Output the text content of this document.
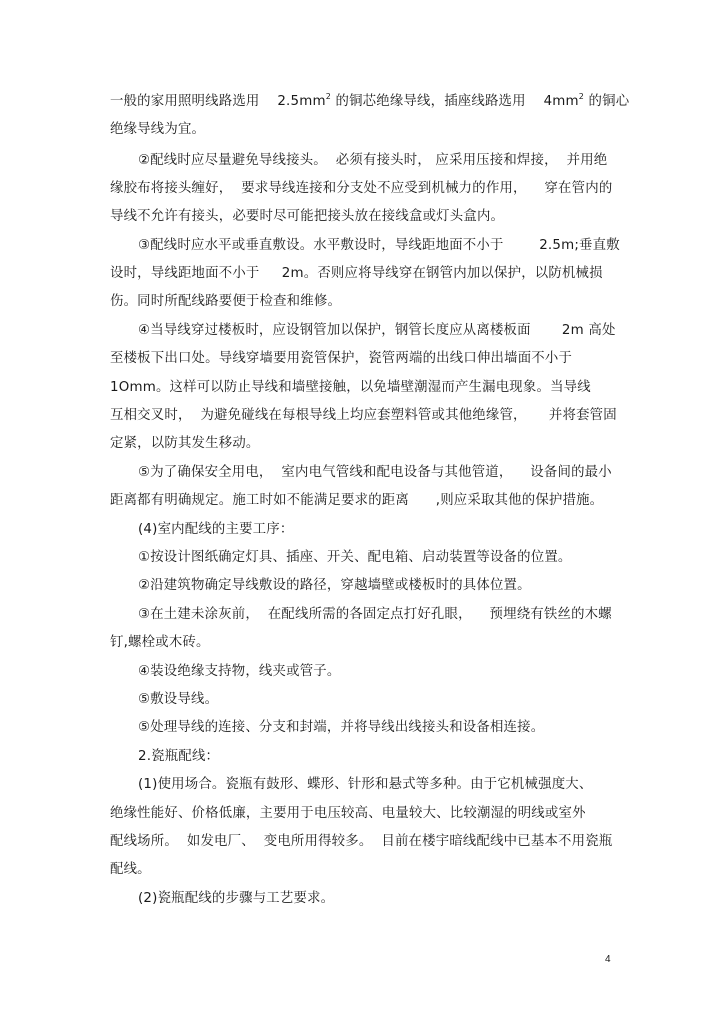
一般的家用照明线路选用    $2.5mm^2$ 的铜芯绝缘导线，插座线路选用    $4mm^2$ 的铜心
绝缘导线为宜。
②配线时应尽量避免导线接头。  必须有接头时， 应采用压接和焊接，  并用绝
缘胶布将接头缠好，  要求导线连接和分支处不应受到机械力的作用，    穿在管内的
导线不允许有接头，必要时尽可能把接头放在接线盒或灯头盒内。
③配线时应水平或垂直敷设。水平敷设时，导线距地面不小于        2.5m;垂直敷
设时，导线距地面不小于     2m。否则应将导线穿在钢管内加以保护，以防机械损
伤。同时所配线路要便于检查和维修。
④当导线穿过楼板时，应设钢管加以保护，钢管长度应从离楼板面       2m 高处
至楼板下出口处。导线穿墙要用瓷管保护，瓷管两端的出线口伸出墙面不小于
1Omm。这样可以防止导线和墙壁接触，以免墙壁潮湿而产生漏电现象。当导线
互相交叉时，  为避免碰线在每根导线上均应套塑料管或其他绝缘管，     并将套管固
定紧，以防其发生移动。
⑤为了确保安全用电，  室内电气管线和配电设备与其他管道，    设备间的最小
距离都有明确规定。施工时如不能满足要求的距离      ,则应采取其他的保护措施。
(4)室内配线的主要工序：
①按设计图纸确定灯具、插座、开关、配电箱、启动装置等设备的位置。
②沿建筑物确定导线敷设的路径，穿越墙壁或楼板时的具体位置。
③在土建未涂灰前，  在配线所需的各固定点打好孔眼，    预埋绕有铁丝的木螺
钉,螺栓或木砖。
④装设绝缘支持物，线夹或管子。
⑤敷设导线。
⑤处理导线的连接、分支和封端，并将导线出线接头和设备相连接。
2.瓷瓶配线：
(1)使用场合。瓷瓶有鼓形、蝶形、针形和悬式等多种。由于它机械强度大、
绝缘性能好、价格低廉，主要用于电压较高、电量较大、比较潮湿的明线或室外
配线场所。  如发电厂、  变电所用得较多。  目前在楼宇暗线配线中已基本不用瓷瓶
配线。
(2)瓷瓶配线的步骤与工艺要求。
4
